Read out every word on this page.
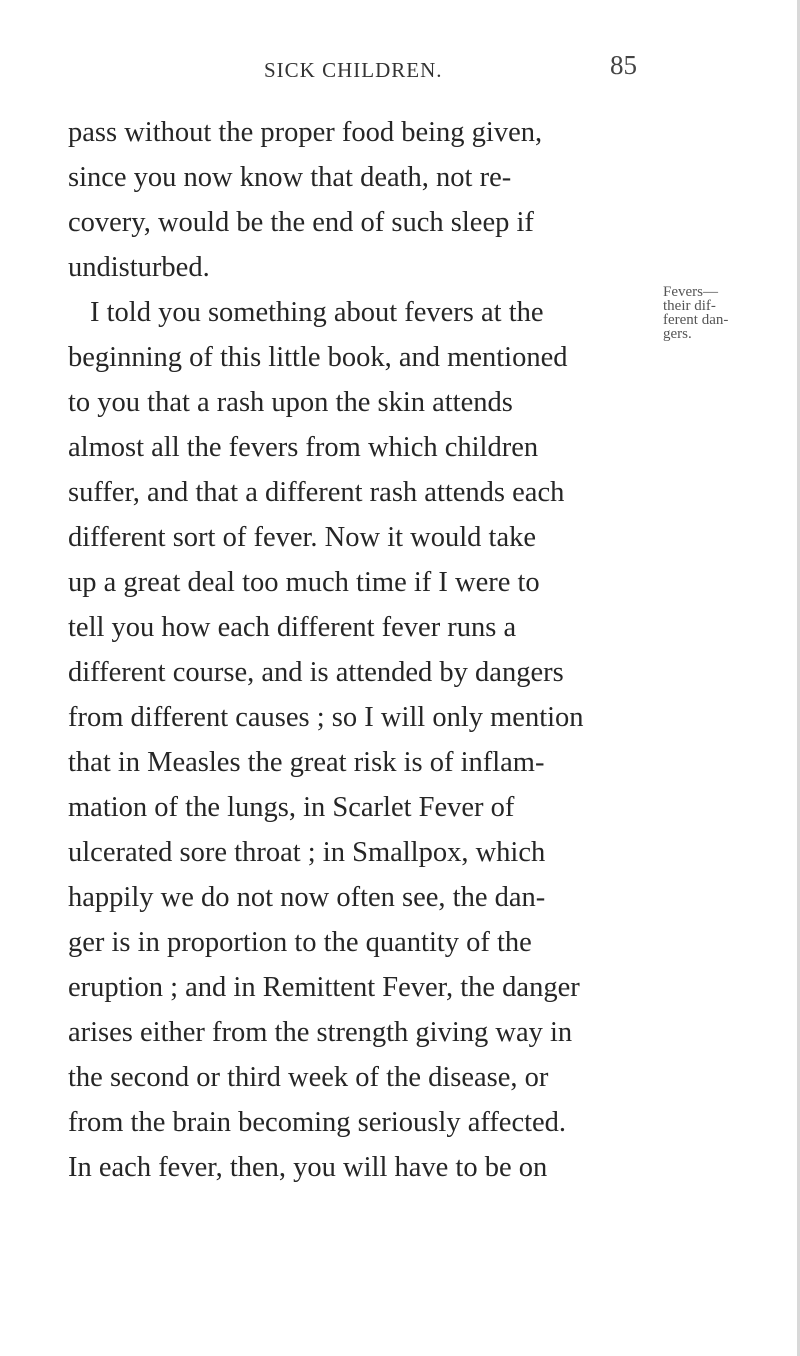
SICK CHILDREN.	85
pass without the proper food being given,
since you now know that death, not re-
covery, would be the end of such sleep if
undisturbed.
I told you something about fevers at the
beginning of this little book, and mentioned
to you that a rash upon the skin attends
almost all the fevers from which children
suffer, and that a different rash attends each
different sort of fever. Now it would take
up a great deal too much time if I were to
tell you how each different fever runs a
different course, and is attended by dangers
from different causes ; so I will only mention
that in Measles the great risk is of inflam-
mation of the lungs, in Scarlet Fever of
ulcerated sore throat ; in Smallpox, which
happily we do not now often see, the dan-
ger is in proportion to the quantity of the
eruption ; and in Remittent Fever, the danger
arises either from the strength giving way in
the second or third week of the disease, or
from the brain becoming seriously affected.
In each fever, then, you will have to be on
Fevers—
their dif-
ferent dan-
gers.
